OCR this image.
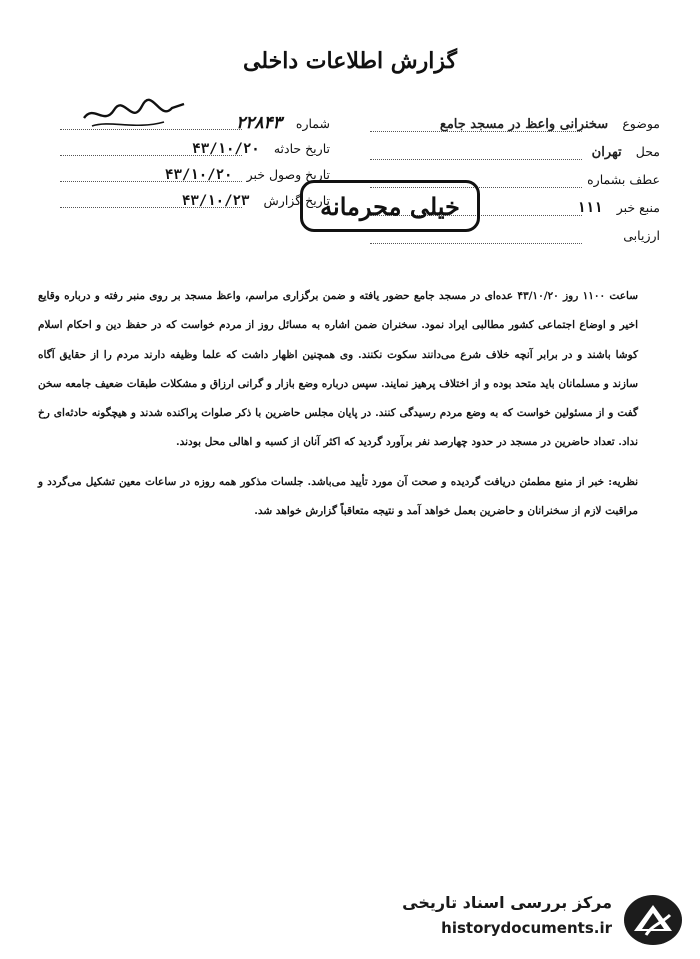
گزارش اطلاعات داخلی
موضوع سخنرانی واعظ در مسجد جامع
محل تهران
عطف بشماره
منبع خبر ۱۱۱
ارزیابی
شماره ۲۲۸۴۳
تاریخ حادثه ۴۳/۱۰/۲۰
تاریخ وصول خبر ۴۳/۱۰/۲۰
تاریخ گزارش ۴۳/۱۰/۲۳	خیلی محرمانه

ساعت ۱۱۰۰ روز ۴۳/۱۰/۲۰ عده‌ای در مسجد جامع حضور یافته و ضمن برگزاری مراسم، واعظ مسجد بر روی منبر رفته و درباره وقایع اخیر و اوضاع اجتماعی کشور مطالبی ایراد نمود. سخنران ضمن اشاره به مسائل روز از مردم خواست که در حفظ دین و احکام اسلام کوشا باشند و در برابر آنچه خلاف شرع می‌دانند سکوت نکنند. وی همچنین اظهار داشت که علما وظیفه دارند مردم را از حقایق آگاه سازند و مسلمانان باید متحد بوده و از اختلاف پرهیز نمایند. سپس درباره وضع بازار و گرانی ارزاق و مشکلات طبقات ضعیف جامعه سخن گفت و از مسئولین خواست که به وضع مردم رسیدگی کنند. در پایان مجلس حاضرین با ذکر صلوات پراکنده شدند و هیچگونه حادثه‌ای رخ نداد. تعداد حاضرین در مسجد در حدود چهارصد نفر برآورد گردید که اکثر آنان از کسبه و اهالی محل بودند.

نظریه: خبر از منبع مطمئن دریافت گردیده و صحت آن مورد تأیید می‌باشد. جلسات مذکور همه روزه در ساعات معین تشکیل می‌گردد و مراقبت لازم از سخنرانان و حاضرین بعمل خواهد آمد و نتیجه متعاقباً گزارش خواهد شد.

مرکز بررسی اسناد تاریخی
historydocuments.ir
